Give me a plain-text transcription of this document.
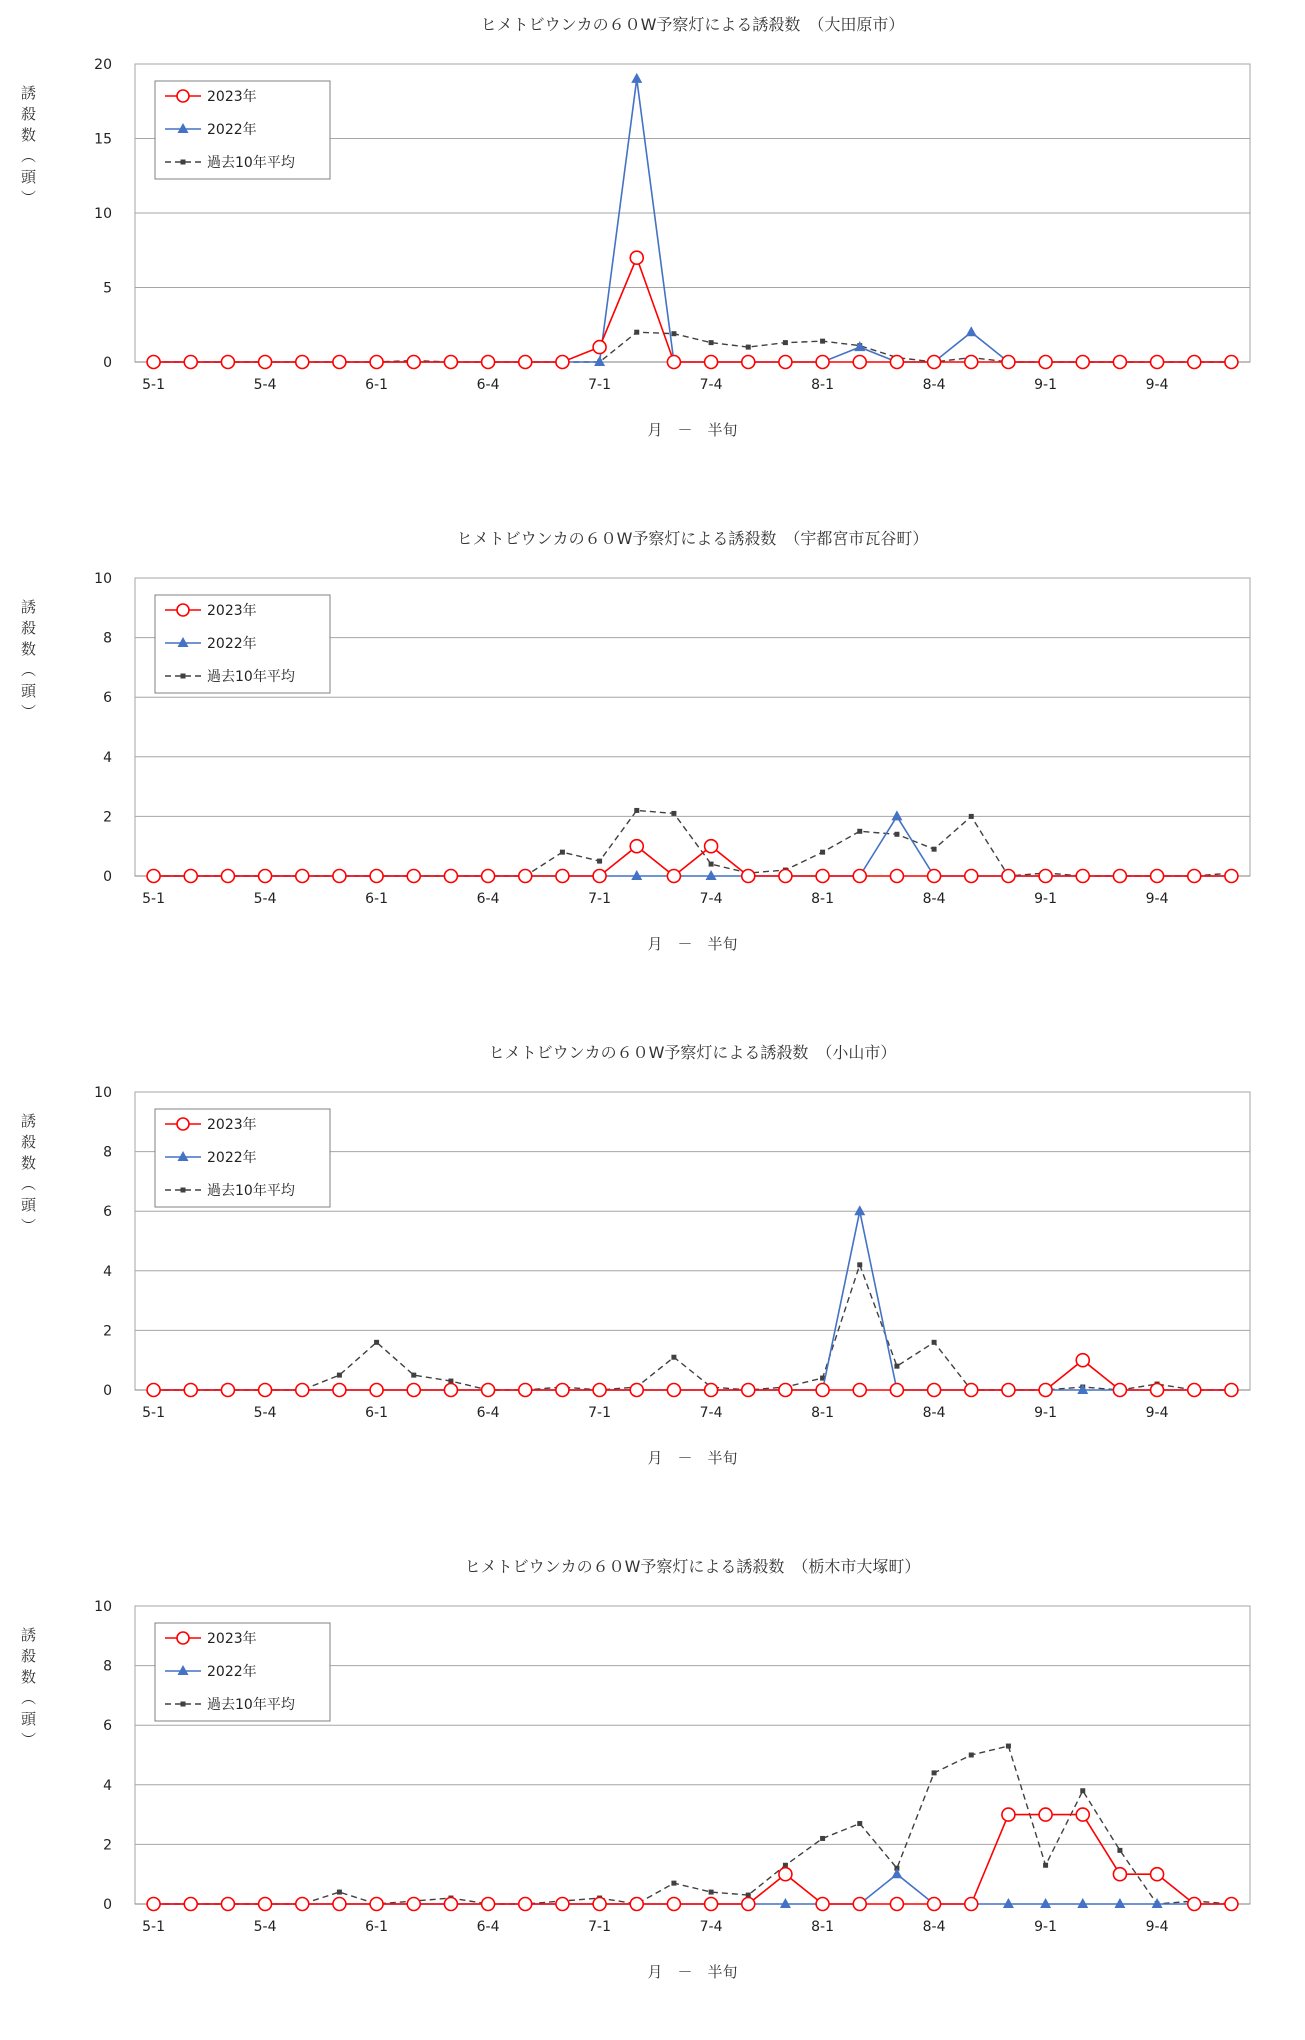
ヒメトビウンカの６０W予察灯による誘殺数　（大田原市）
0
5
10
15
20
5-1	5-4	6-1	6-4	7-1	7-4	8-1	8-4	9-1	9-4
誘殺数（頭）
月　－　半旬
2023年
2022年
過去10年平均
ヒメトビウンカの６０W予察灯による誘殺数　（宇都宮市瓦谷町）
0
2
4
6
8
10
5-1	5-4	6-1	6-4	7-1	7-4	8-1	8-4	9-1	9-4
誘殺数（頭）
月　－　半旬
2023年
2022年
過去10年平均
ヒメトビウンカの６０W予察灯による誘殺数　（小山市）
0
2
4
6
8
10
5-1	5-4	6-1	6-4	7-1	7-4	8-1	8-4	9-1	9-4
誘殺数（頭）
月　－　半旬
2023年
2022年
過去10年平均
ヒメトビウンカの６０W予察灯による誘殺数　（栃木市大塚町）
0
2
4
6
8
10
5-1	5-4	6-1	6-4	7-1	7-4	8-1	8-4	9-1	9-4
誘殺数（頭）
月　－　半旬
2023年
2022年
過去10年平均
